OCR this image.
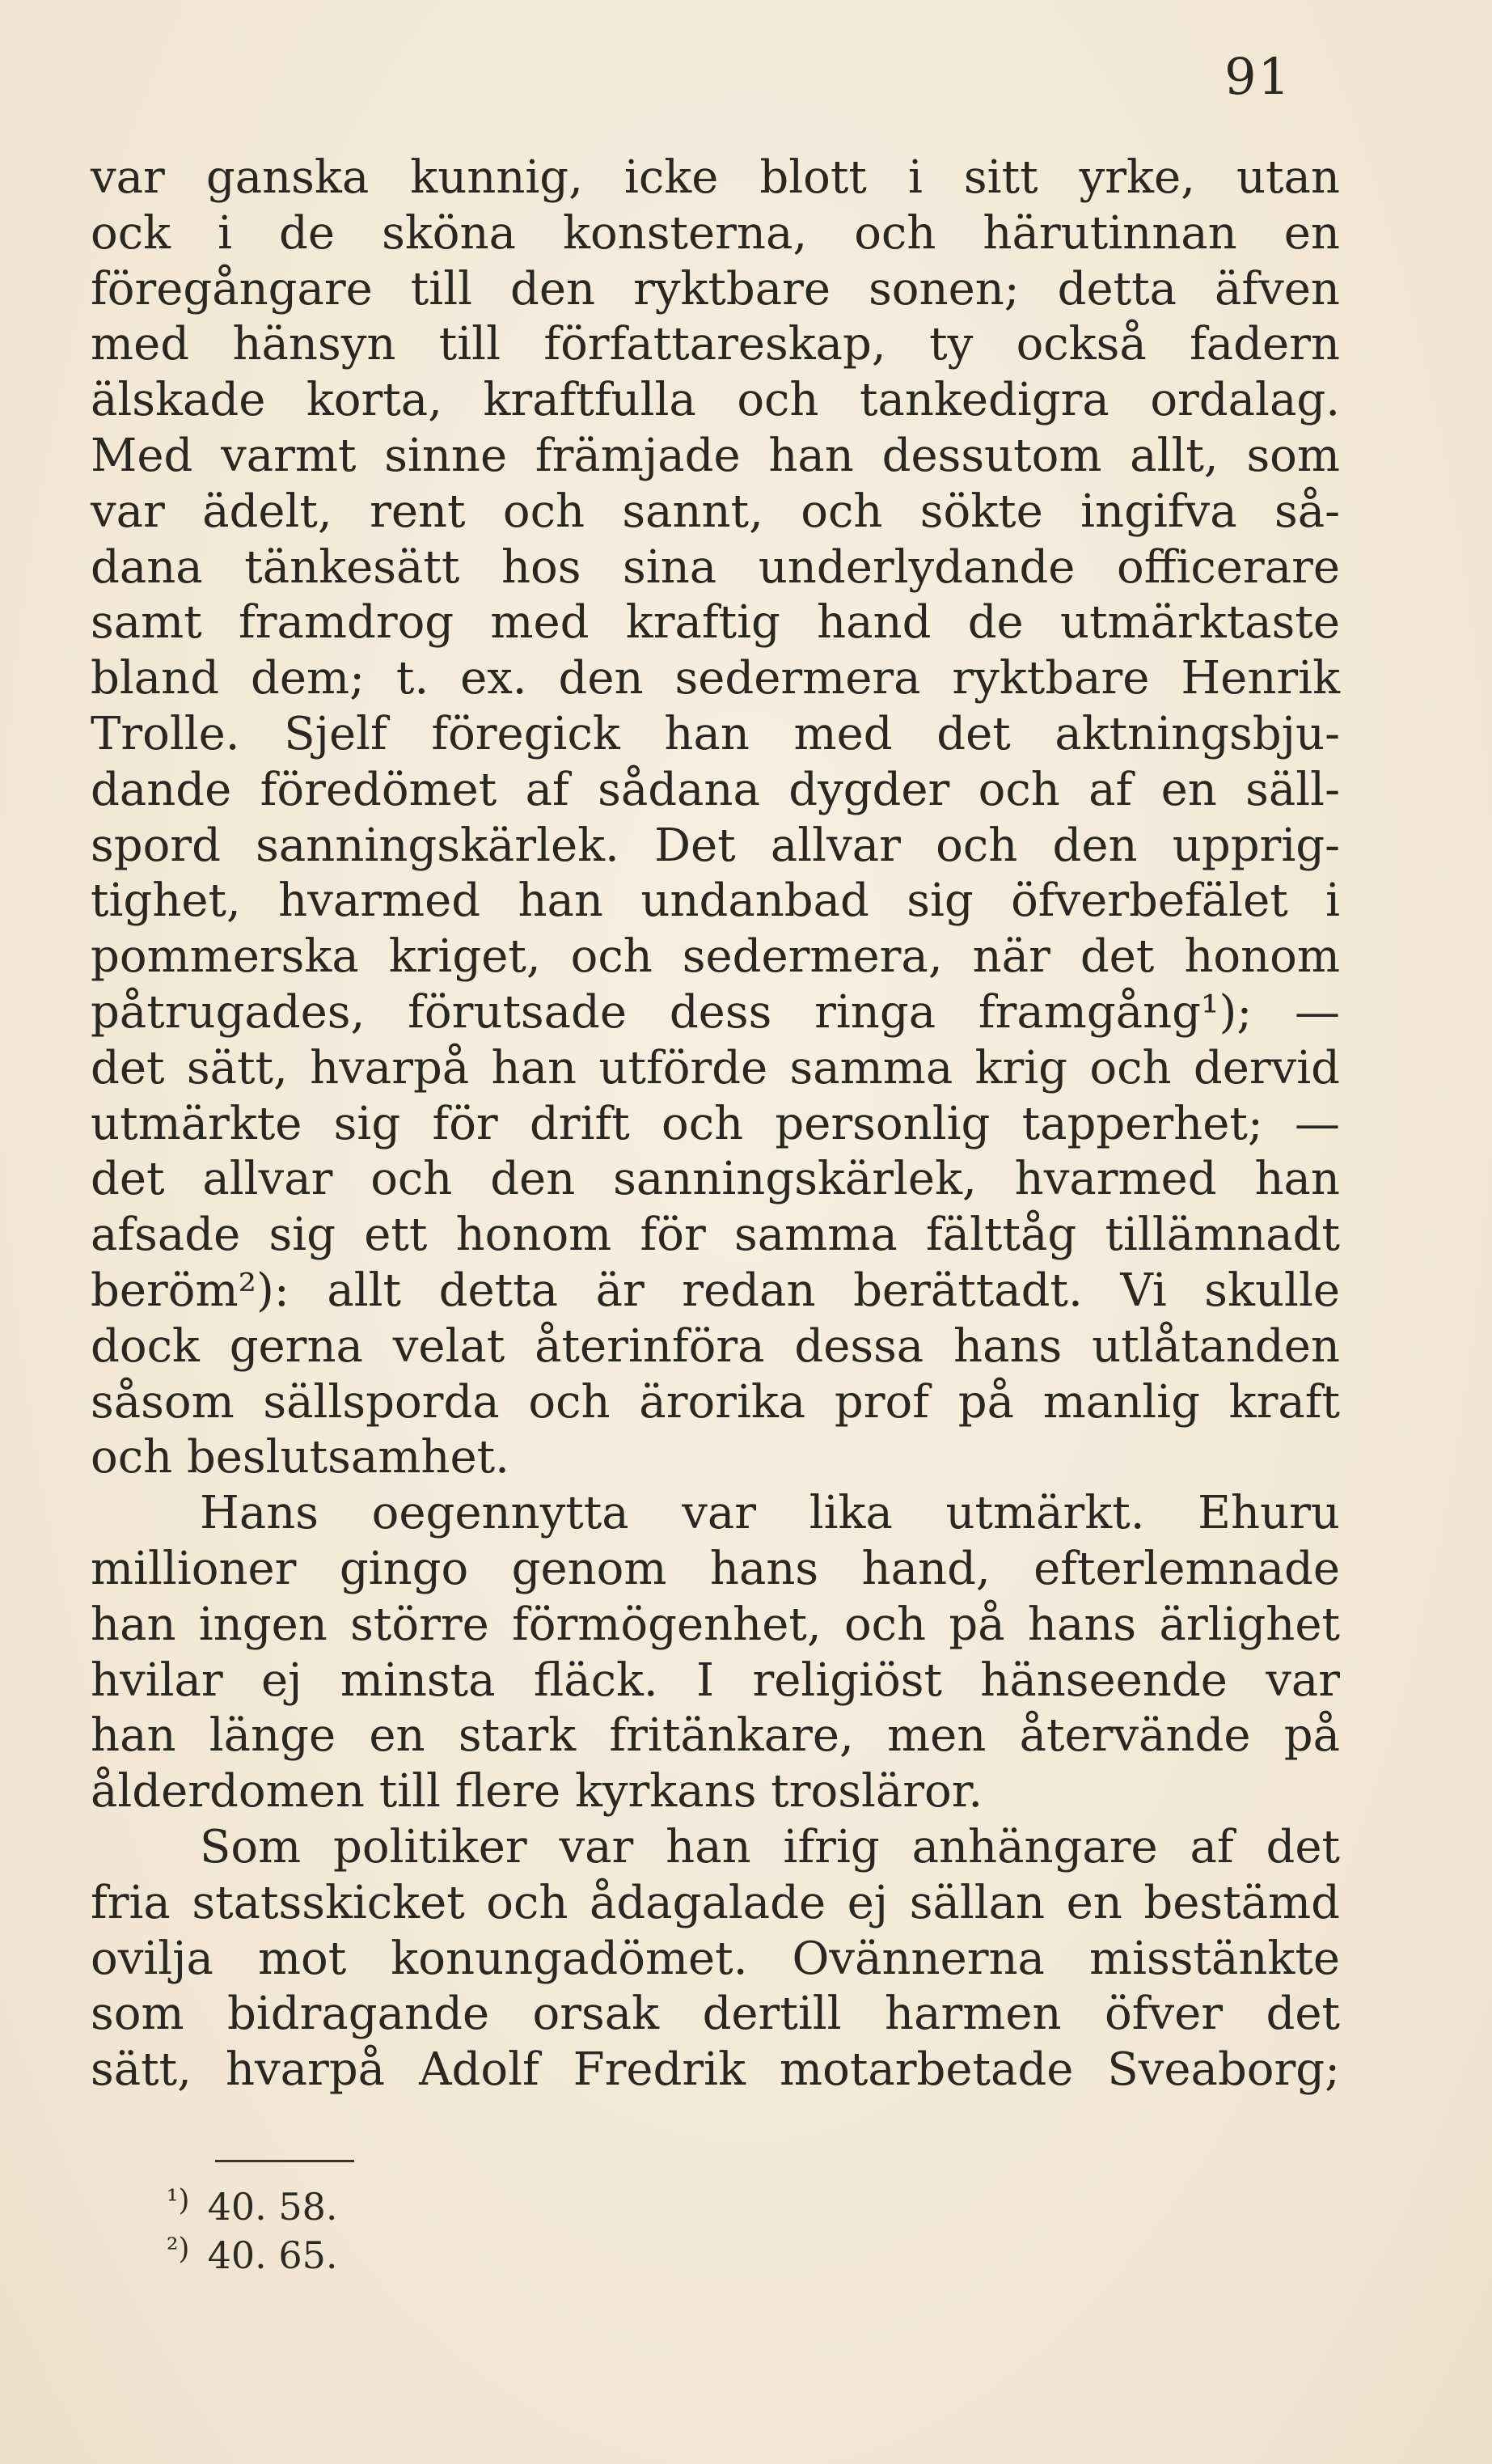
91
var ganska kunnig, icke blott i sitt yrke, utan
ock i de sköna konsterna, och härutinnan en
föregångare till den ryktbare sonen; detta äfven
med hänsyn till författareskap, ty också fadern
älskade korta, kraftfulla och tankedigra ordalag.
Med varmt sinne främjade han dessutom allt, som
var ädelt, rent och sannt, och sökte ingifva så-
dana tänkesätt hos sina underlydande officerare
samt framdrog med kraftig hand de utmärktaste
bland dem; t. ex. den sedermera ryktbare Henrik
Trolle. Sjelf föregick han med det aktningsbju-
dande föredömet af sådana dygder och af en säll-
spord sanningskärlek. Det allvar och den upprig-
tighet, hvarmed han undanbad sig öfverbefälet i
pommerska kriget, och sedermera, när det honom
påtrugades, förutsade dess ringa framgång¹); —
det sätt, hvarpå han utförde samma krig och dervid
utmärkte sig för drift och personlig tapperhet; —
det allvar och den sanningskärlek, hvarmed han
afsade sig ett honom för samma fälttåg tillämnadt
beröm²): allt detta är redan berättadt. Vi skulle
dock gerna velat återinföra dessa hans utlåtanden
såsom sällsporda och ärorika prof på manlig kraft
och beslutsamhet.
Hans oegennytta var lika utmärkt. Ehuru
millioner gingo genom hans hand, efterlemnade
han ingen större förmögenhet, och på hans ärlighet
hvilar ej minsta fläck. I religiöst hänseende var
han länge en stark fritänkare, men återvände på
ålderdomen till flere kyrkans trosläror.
Som politiker var han ifrig anhängare af det
fria statsskicket och ådagalade ej sällan en bestämd
ovilja mot konungadömet. Ovännerna misstänkte
som bidragande orsak dertill harmen öfver det
sätt, hvarpå Adolf Fredrik motarbetade Sveaborg;
¹) 40. 58.
²) 40. 65.
